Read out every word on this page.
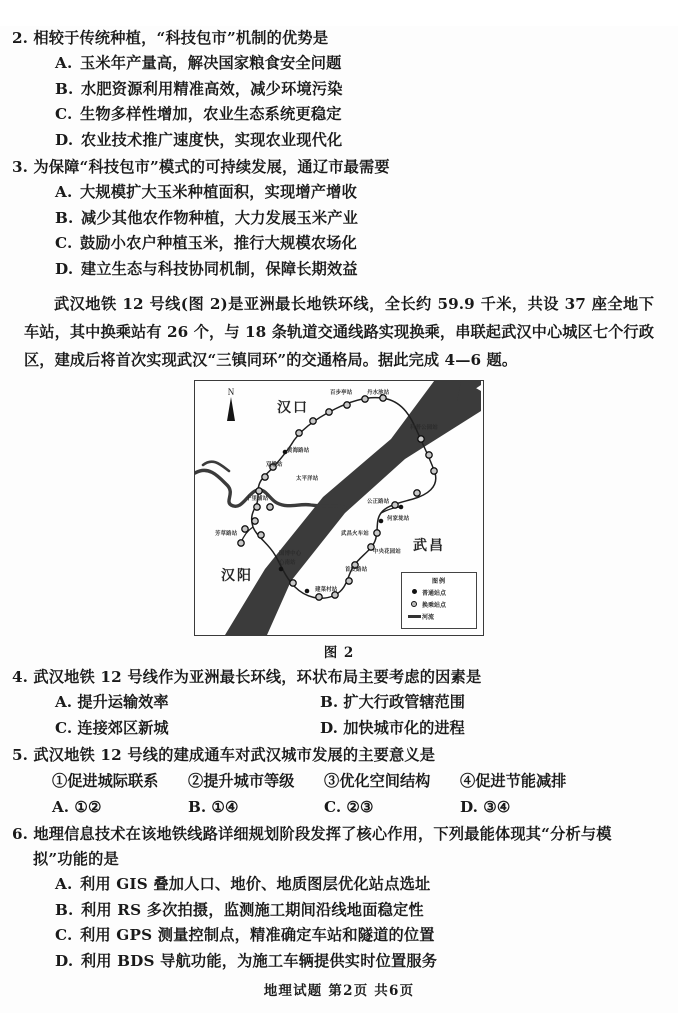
2. 相较于传统种植，“科技包市”机制的优势是
A. 玉米年产量高，解决国家粮食安全问题
B. 水肥资源利用精准高效，减少环境污染
C. 生物多样性增加，农业生态系统更稳定
D. 农业技术推广速度快，实现农业现代化
3. 为保障“科技包市”模式的可持续发展，通辽市最需要
A. 大规模扩大玉米种植面积，实现增产增收
B. 减少其他农作物种植，大力发展玉米产业
C. 鼓励小农户种植玉米，推行大规模农场化
D. 建立生态与科技协同机制，保障长期效益
武汉地铁 12 号线(图 2)是亚洲最长地铁环线，全长约 59.9 千米，共设 37 座全地下车站，其中换乘站有 26 个，与 18 条轨道交通线路实现换乘，串联起武汉中心城区七个行政区，建成后将首次实现武汉“三镇同环”的交通格局。据此完成 4—6 题。
N
汉口
汉阳
武昌
百步亭站	丹水池站
科普公园站
公正路站
何家垅站
武昌火车站
中央花园站
首安路站
建菜村站
黄海路站
双墩站
太平洋站
十里铺站
芳草路站
国博中心
心南站
图例
普通站点
换乘站点
河流
图 2
4. 武汉地铁 12 号线作为亚洲最长环线，环状布局主要考虑的因素是
A. 提升运输效率	B. 扩大行政管辖范围
C. 连接郊区新城	D. 加快城市化的进程
5. 武汉地铁 12 号线的建成通车对武汉城市发展的主要意义是
①促进城际联系	②提升城市等级	③优化空间结构	④促进节能减排
A. ①②	B. ①④	C. ②③	D. ③④
6. 地理信息技术在该地铁线路详细规划阶段发挥了核心作用，下列最能体现其“分析与模
拟”功能的是
A. 利用 GIS 叠加人口、地价、地质图层优化站点选址
B. 利用 RS 多次拍摄，监测施工期间沿线地面稳定性
C. 利用 GPS 测量控制点，精准确定车站和隧道的位置
D. 利用 BDS 导航功能，为施工车辆提供实时位置服务
地理试题 第2页 共6页
